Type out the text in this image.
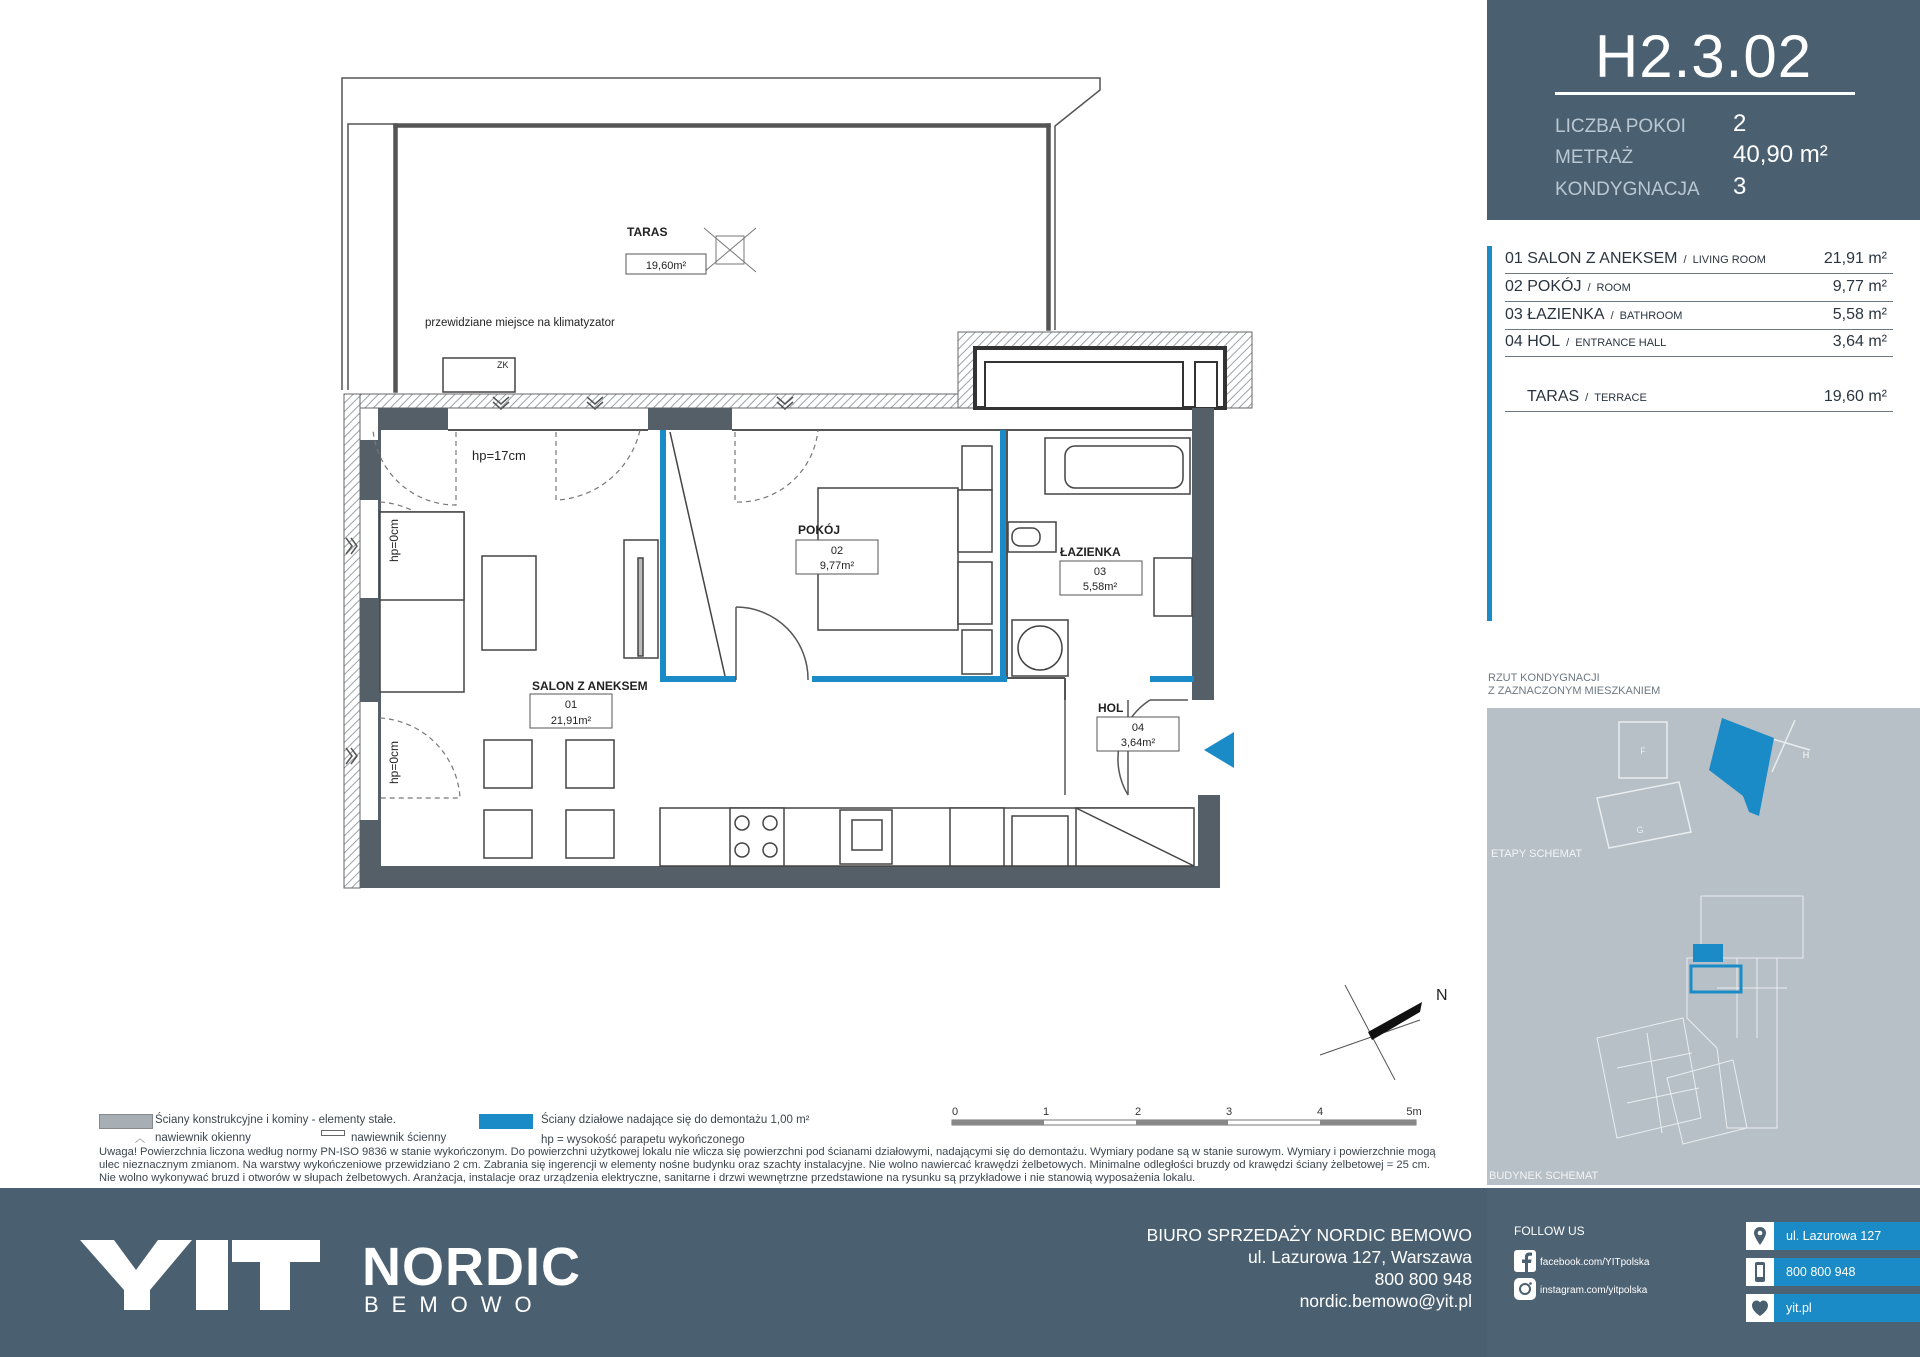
TARAS
19,60m²
przewidziane miejsce na klimatyzator
ZK
SALON Z ANEKSEM
01
21,91m²
POKÓJ
02
9,77m²
ŁAZIENKA
03
5,58m²
HOL
04
3,64m²
hp=17cm
hp=0cm
hp=0cm
N
0	1	2	3	4	5m
H2.3.02
LICZBA POKOI 2
METRAŻ	40,90 m²
KONDYGNACJA 3
01 SALON Z ANEKSEM / LIVING ROOM	21,91 m²
02 POKÓJ / ROOM	9,77 m²
03 ŁAZIENKA / BATHROOM	5,58 m²
04 HOL / ENTRANCE HALL	3,64 m²
TARAS / TERRACE	19,60 m²
RZUT KONDYGNACJI
Z ZAZNACZONYM MIESZKANIEM
F	H
G
ETAPY SCHEMAT
BUDYNEK SCHEMAT
Ściany konstrukcyjne i kominy - elementy stałe.
︿ nawiewnik okienny	nawiewnik ścienny
Ściany działowe nadające się do demontażu 1,00 m²
hp = wysokość parapetu wykończonego
Uwaga! Powierzchnia liczona według normy PN-ISO 9836 w stanie wykończonym. Do powierzchni użytkowej lokalu nie wlicza się powierzchni pod ścianami działowymi, nadającymi się do demontażu. Wymiary podane są w stanie surowym. Wymiary i powierzchnie mogą ulec nieznacznym zmianom. Na warstwy wykończeniowe przewidziano 2 cm. Zabrania się ingerencji w elementy nośne budynku oraz szachty instalacyjne. Nie wolno nawiercać krawędzi żelbetowych. Minimalne odległości bruzdy od krawędzi ściany żelbetowej = 25 cm. Nie wolno wykonywać bruzd i otworów w słupach żelbetowych. Aranżacja, instalacje oraz urządzenia elektryczne, sanitarne i drzwi wewnętrzne przedstawione na rysunku są przykładowe i nie stanowią wyposażenia lokalu.
NORDIC
BEMOWO
BIURO SPRZEDAŻY NORDIC BEMOWO
ul. Lazurowa 127, Warszawa
800 800 948
nordic.bemowo@yit.pl
FOLLOW US
facebook.com/YITpolska
instagram.com/yitpolska
ul. Lazurowa 127
800 800 948
yit.pl
